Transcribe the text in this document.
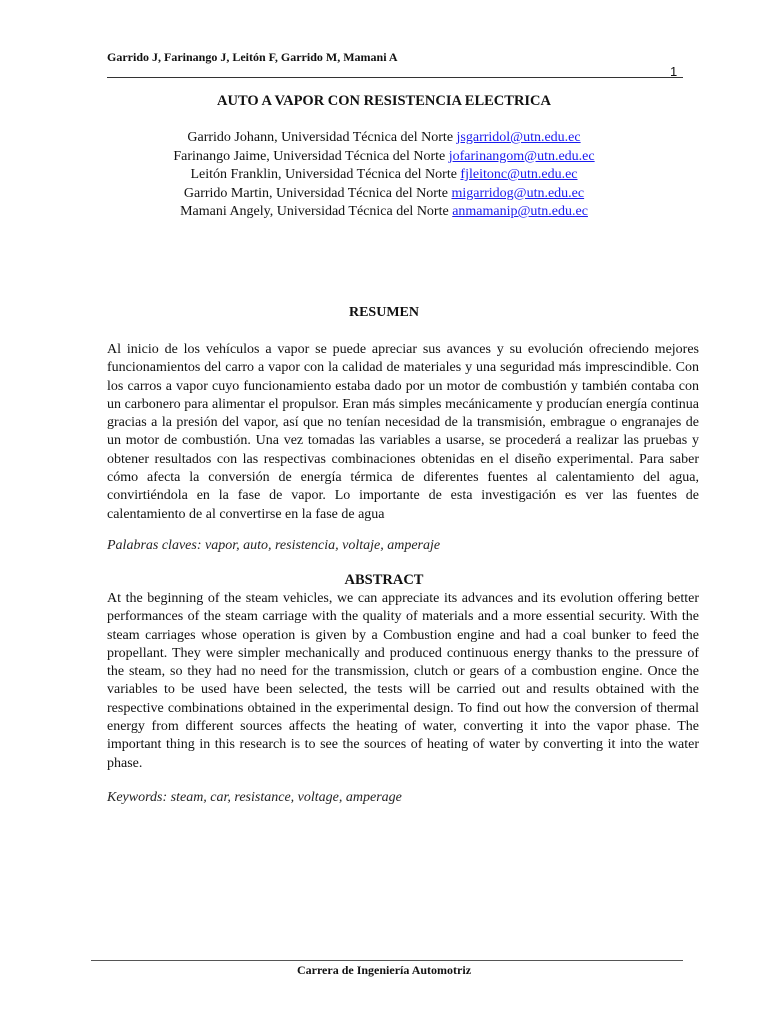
Garrido J, Farinango J, Leitón F, Garrido M, Mamani A
1
AUTO A VAPOR CON RESISTENCIA ELECTRICA
Garrido Johann, Universidad Técnica del Norte jsgarridol@utn.edu.ec
Farinango Jaime, Universidad Técnica del Norte jofarinangom@utn.edu.ec
Leitón Franklin, Universidad Técnica del Norte fjleitonc@utn.edu.ec
Garrido Martin, Universidad Técnica del Norte migarridog@utn.edu.ec
Mamani Angely, Universidad Técnica del Norte anmamanip@utn.edu.ec
RESUMEN
Al inicio de los vehículos a vapor se puede apreciar sus avances y su evolución ofreciendo mejores funcionamientos del carro a vapor con la calidad de materiales y una seguridad más imprescindible. Con los carros a vapor cuyo funcionamiento estaba dado por un motor de combustión y también contaba con un carbonero para alimentar el propulsor. Eran más simples mecánicamente y producían energía continua gracias a la presión del vapor, así que no tenían necesidad de la transmisión, embrague o engranajes de un motor de combustión. Una vez tomadas las variables a usarse, se procederá a realizar las pruebas y obtener resultados con las respectivas combinaciones obtenidas en el diseño experimental. Para saber cómo afecta la conversión de energía térmica de diferentes fuentes al calentamiento del agua, convirtiéndola en la fase de vapor. Lo importante de esta investigación es ver las fuentes de calentamiento de al convertirse en la fase de agua
Palabras claves: vapor, auto, resistencia, voltaje, amperaje
ABSTRACT
At the beginning of the steam vehicles, we can appreciate its advances and its evolution offering better performances of the steam carriage with the quality of materials and a more essential security. With the steam carriages whose operation is given by a Combustion engine and had a coal bunker to feed the propellant. They were simpler mechanically and produced continuous energy thanks to the pressure of the steam, so they had no need for the transmission, clutch or gears of a combustion engine. Once the variables to be used have been selected, the tests will be carried out and results obtained with the respective combinations obtained in the experimental design. To find out how the conversion of thermal energy from different sources affects the heating of water, converting it into the vapor phase. The important thing in this research is to see the sources of heating of water by converting it into the water phase.
Keywords: steam, car, resistance, voltage, amperage
Carrera de Ingeniería Automotriz
